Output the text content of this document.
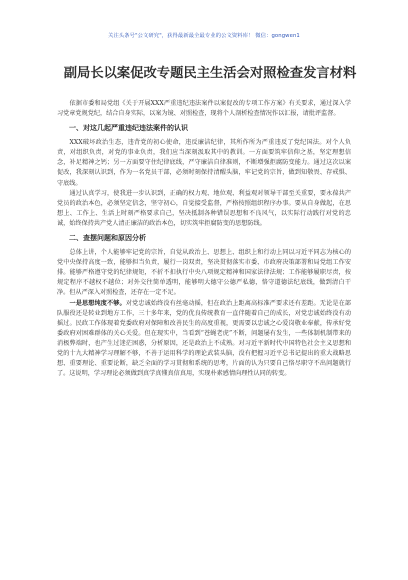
关注头条号"公文研究"，获得最新最全最专业的公文资料库！ 微信：gongwen1
副局长以案促改专题民主生活会对照检查发言材料

依据市委和局党组《关于开展XXX严重违纪违法案件以案促改的专项工作方案》有关要求，通过深入学习党章党规党纪，结合自身实际，以案为镜、对照检查，现将个人剖析检查情况作以汇报，请批评监督。

一、对这几起严重违纪违法案件的认识

XXX破坏政治生态，违背党的初心使命，违反廉洁纪律，其所作所为严重违反了党纪国法。对个人负责，对组织负责，对党的事业负责，我们应当深刻汲取其中的教训。一方面要筑牢信仰之基，坚定理想信念，补足精神之钙；另一方面要守住纪律底线，严守廉洁自律准则，不断增强拒腐防变能力。通过这次以案促改，我深刻认识到，作为一名党员干部，必须时刻保持清醒头脑，牢记党的宗旨，做到知敬畏、存戒惧、守底线。

通过认真学习，使我进一步认识到，正确的权力观、地位观、利益观对领导干部至关重要，要永葆共产党员的政治本色，必须坚定信念，坚守初心，自觉接受监督，严格按照组织程序办事。要从自身做起，在思想上、工作上、生活上时刻严格要求自己，坚决抵制各种错误思想和不良风气，以实际行动践行对党的忠诚，始终保持共产党人清正廉洁的政治本色，切实筑牢拒腐防变的思想防线。

二、查摆问题和原因分析

总体上讲，个人能够牢记党的宗旨，自觉从政治上、思想上、组织上和行动上同以习近平同志为核心的党中央保持高度一致，能够担当负责，履行一岗双责，坚决贯彻落实市委、市政府决策部署和局党组工作安排。能够严格遵守党的纪律规矩，不折不扣执行中央八项规定精神和国家法律法规；工作能够履职尽责，按规定程序不越权不越位；对外交往简单透明，能够明大德守公德严私德，恪守道德法纪底线，做到清白干净。但从严深入对照检查，还存在一定不足。

一是思想纯度不够。对党忠诚始终没有丝毫动摇，但在政治上距离高标准严要求还有差距。无论是在部队服役还是转业到地方工作，三十多年来，党的优良传统教育一直伴随着自己的成长，对党忠诚始终没有动摇过。民政工作体现着党委政府对保障和改善民生的高度重视，更需要以忠诚之心爱岗敬业奉献，传承好党委政府对困难群体的关心关爱。但在现实中，当看到“苍蝇老虎”不断，问题屡有发生，一些体制机制带来的消极弊端时，也产生过迷茫困惑，分析原因，还是政治上不成熟。对习近平新时代中国特色社会主义思想和党的十九大精神学习理解不够，不善于运用科学的理论武装头脑，没有把握习近平总书记提出的重大战略思想、重要理论、重要论断，缺乏全面的学习贯彻和系统的思考，片面的认为只要自己恪尽职守不出问题就行了。这说明，学习理论必须做到真学真懂真信真用，实现朴素感情向理性认同的转变。
